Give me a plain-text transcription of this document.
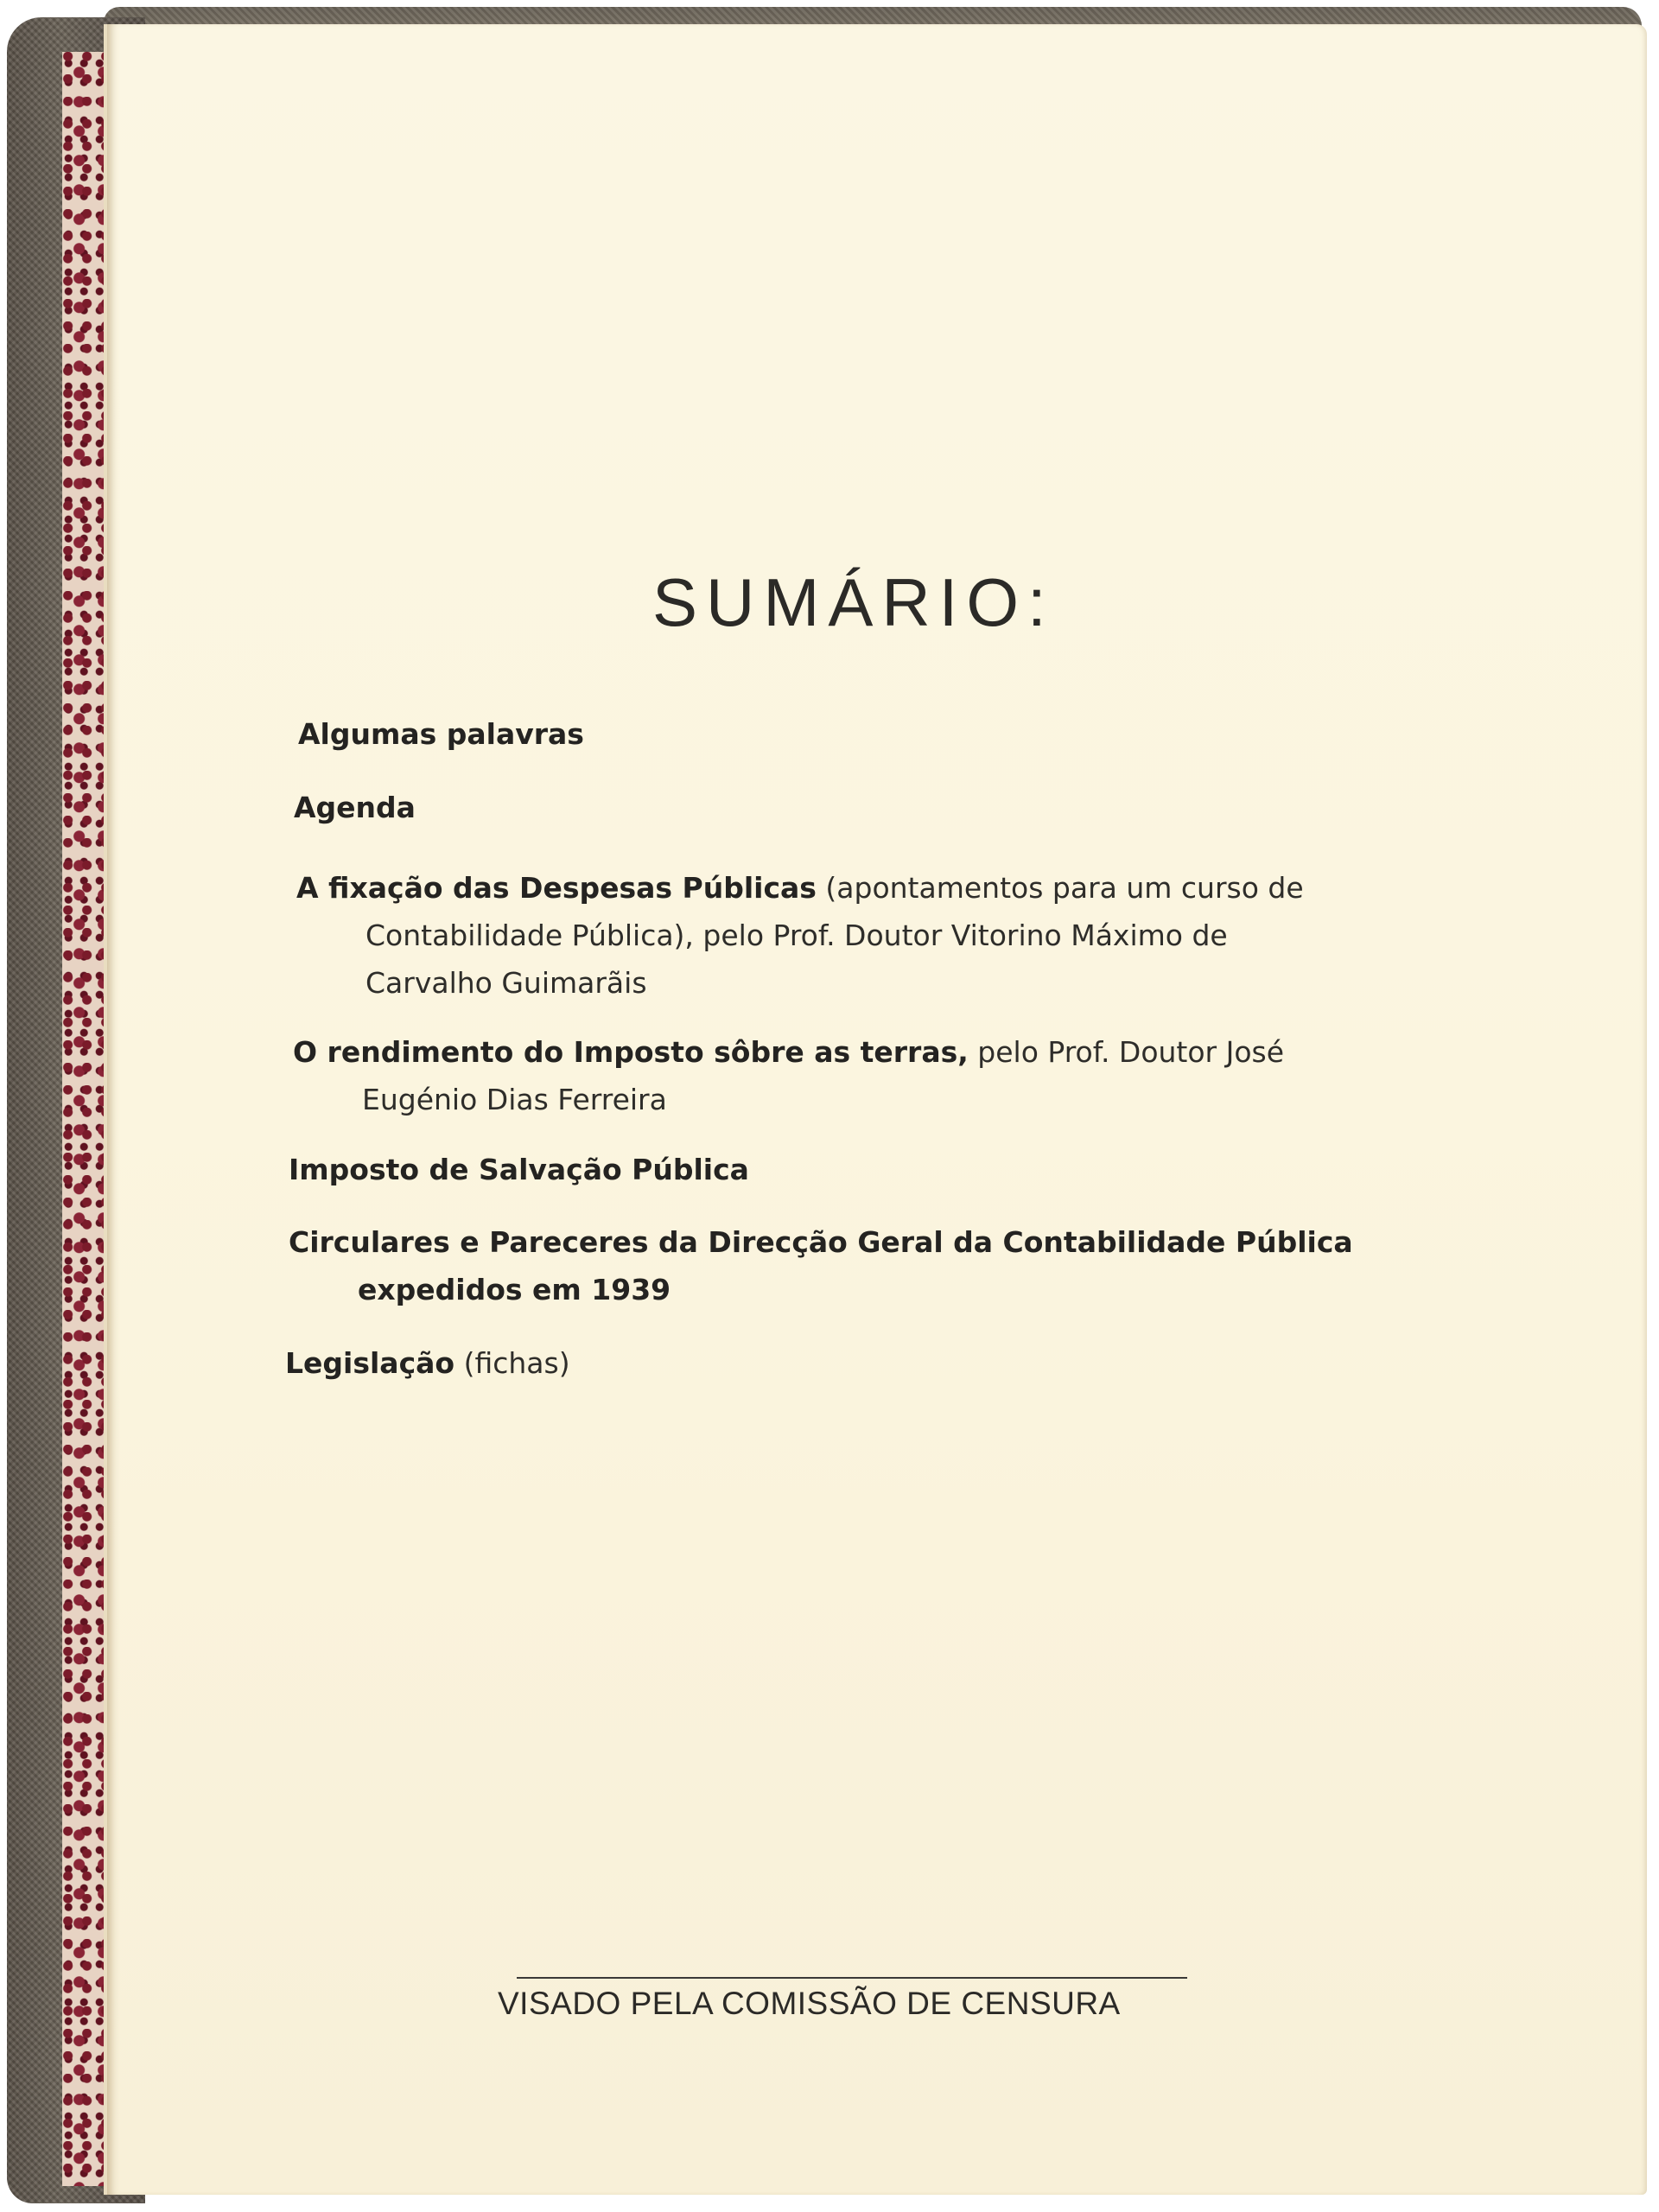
SUMÁRIO:
Algumas palavras
Agenda
A fixação das Despesas Públicas (apontamentos para um curso de
Contabilidade Pública), pelo Prof. Doutor Vitorino Máximo de
Carvalho Guimarãis
O rendimento do Imposto sôbre as terras, pelo Prof. Doutor José
Eugénio Dias Ferreira
Imposto de Salvação Pública
Circulares e Pareceres da Direcção Geral da Contabilidade Pública
expedidos em 1939
Legislação (fichas)
VISADO PELA COMISSÃO DE CENSURA
